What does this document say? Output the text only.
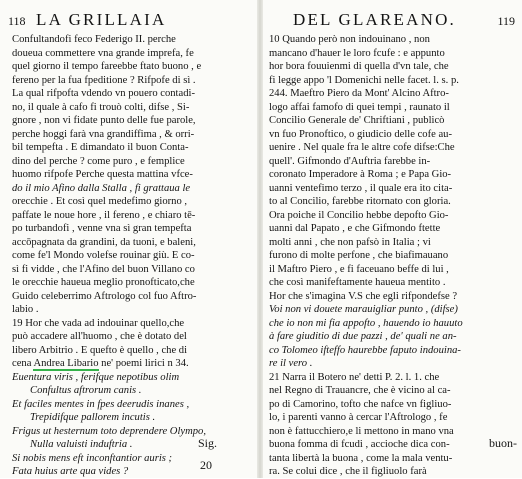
118 LA GRILLAIA
Confultandofi feco Federigo II. perche
doueua commettere vna grande imprefa, fe
quel giorno il tempo fareebbe ftato buono , e
fereno per la fua fpeditione ? Rifpofe di sì .
La qual rifpofta vdendo vn pouero contadi-
no, il quale à cafo fi trouò colti, difse , Si-
gnore , non vi fidate punto delle fue parole,
perche hoggi farà vna grandiffima , & orri-
bil tempefta . E dimandato il buon Conta-
dino del perche ? come puro , e femplice
huomo rifpofe Perche questa mattina vfce-
do il mio Afino dalla Stalla , fi grattaua le
orecchie . Et così quel medefimo giorno ,
paffate le noue hore , il fereno , e chiaro tē-
po turbandofi , venne vna sì gran tempefta
accōpagnata da grandini, da tuoni, e baleni,
come fe'l Mondo volefse rouinar giù. E co-
sì fi vidde , che l'Afino del buon Villano co
le orecchie haueua meglio pronofticato,che
Guido celeberrimo Aftrologo col fuo Aftro-
labio .
19 Hor che vada ad indouinar quello,che
può accadere all'huomo , che è dotato del
libero Arbitrio . E quefto è quello , che di
cena Andrea Libario ne' poemi lirici n 34.
Euentura viris , ferifque nepotibus olim
Confultus aftrorum canis .
Et faciles mentes in fpes deerudis inanes ,
Trepidifque pallorem incutis .
Frigus ut hesternum toto deprendere Olympo,
Nulla valuisti induftria .
Si nobis mens eft inconftantior auris ;
Fata huius arte qua vides ?
Sig.
DEL GLAREANO.	119
10 Quando però non indouinano , non
mancano d'hauer le loro fcufe : e appunto
hor bora fouuienmi di quella d'vn tale, che
fi legge appo 'l Domenichi nelle facet. l. s. p.
244. Maeftro Piero da Mont' Alcino Aftro-
logo affai famofo di quei tempi , raunato il
Concilio Generale de' Chriftiani , publicò
vn fuo Pronoftico, o giudicio delle cofe au-
uenire . Nel quale fra le altre cofe difse:Che
quell'. Gifmondo d'Auftria farebbe in-
coronato Imperadore à Roma ; e Papa Gio-
uanni ventefimo terzo , il quale era ito cita-
to al Concilio, farebbe ritornato con gloria.
Ora poiche il Concilio hebbe depofto Gio-
uanni dal Papato , e che Gifmondo ftette
molti anni , che non pafsò in Italia ; vi
furono di molte perfone , che biafimauano
il Maftro Piero , e fi faceuano beffe di lui ,
che così manifeftamente haueua mentito .
Hor che s'imagina V.S che egli rifpondefse ?
Voi non vi douete marauigliar punto , (difse)
che io non mi fia appofto , hauendo io hauuto
à fare giuditio di due pazzi , de' quali ne an-
co Tolomeo ifteffo haurebbe faputo indouina-
re il vero .
21 Narra il Botero ne' detti P. 2. l. 1. che
nel Regno di Trauancre, che è vicino al ca-
po di Camorino, tofto che nafce vn figliuo-
lo, i parenti vanno à cercar l'Aftrologo , fe
non è fattucchiero,e li mettono in mano vna
buona fomma di fcudi , accioche dica con-
tanta libertà la buona , come la mala ventu-
ra. Se colui dice , che il figliuolo farà
buon-
20
